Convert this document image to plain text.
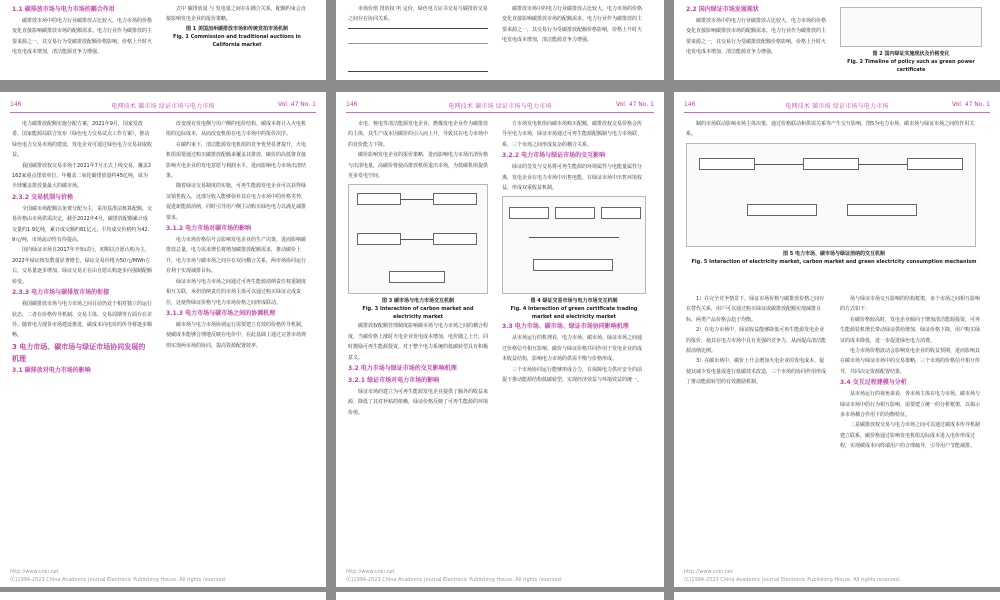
1.1 碳排放市场与电力市场的耦合作用
碳排放市场中的电力行业碳排放占比较大，电力市场的价格变化直接影响碳排放市场的配额需求。电力行业作为碳排放的主要来源之一，其交易行为受碳排放配额价格影响，价格上升时火电发电成本增加，清洁能源竞争力增强。
式中 碳排放量 与 发电量之间存在耦合关系，配额约束会直接影响发电企业的报价策略。
图 1 美国加州碳排放市场和传统竞拍市场机制
Fig. 1 Commission and traditional auctions in California market
市场价值 排放权 所 定价，绿色电力证书交易与碳排放交易之间存在协同关系。
碳排放市场中的电力行业碳排放占比较大，电力市场的价格变化直接影响碳排放市场的配额需求。电力行业作为碳排放的主要来源之一，其交易行为受碳排放配额价格影响，价格上升时火电发电成本增加，清洁能源竞争力增强。
2.2 国内绿证市场发展现状
碳排放市场中的电力行业碳排放占比较大，电力市场的价格变化直接影响碳排放市场的配额需求。电力行业作为碳排放的主要来源之一，其交易行为受碳排放配额价格影响，价格上升时火电发电成本增加，清洁能源竞争力增强。	图 2 国内绿证实施现状及价格变化
Fig. 2 Timeline of policy such as green power certificate
146	电网技术 碳市场 绿证市场与电力市场	Vol. 47 No. 1
电力碳排放配额实施分配方案，2021年9月，国家发改委、国家能源局联合发布《绿色电力交易试点工作方案》，推动绿色电力交易市场的建设，发电企业可通过绿色电力交易获取收益。
我国碳排放权交易市场于2021年7月正式上线交易，覆盖2162家重点排放单位，年覆盖二氧化碳排放量约45亿吨，成为全球覆盖排放量最大的碳市场。
2.3.2 交易机制与价格
全国碳市场配额以免费分配为主，采用基准法核算配额，交易价格由市场供需决定，截至2022年4月，碳排放配额累计成交量约1.9亿吨，累计成交额约81亿元，平均成交价格约为42.9元/吨，市场流动性有待提高。
国内绿证市场自2017年开始试行，初期以自愿认购为主，2022年绿证核发数量显著增长，绿证交易价格为50元/MWh左右，交易量逐步增加，绿证交易正在由自愿认购逐步向强制配额转变。
2.3.3 电力市场与碳排放市场的衔接
我国碳排放市场与电力市场之间目前仍处于相对独立的运行状态，二者在价格传导机制、交易主体、交易周期等方面存在差异。随着电力现货市场建设推进，碳成本向电价的传导将逐步顺畅。
3 电力市场、碳市场与绿证市场协同发展的机理
3.1 碳排放对电力市场的影响
改变现有发电侧与用户侧的电价结构，碳成本将计入火电机组的边际成本，从而改变机组在电力市场中的报价次序。
在碳约束下，清洁能源发电机组的竞争优势显著提升，火电机组需要通过购买碳排放配额来覆盖其排放，碳价的高低将直接影响火电企业的发电意愿与利润水平，进而影响电力市场出清结果。
随着绿证交易制度的实施，可再生能源发电企业可以获得绿证销售收入，这部分收入能够弥补其在电力市场中的价格劣势，促进新能源消纳，同时引导用户侧主动购买绿色电力以满足减排要求。
3.1.2 电力市场对碳市场的影响
电力市场价格信号会影响发电企业的生产决策，进而影响碳排放总量，电力需求增长将增加碳排放配额需求，推动碳价上升，电力市场与碳市场之间存在双向耦合关系，两市场协同运行有利于实现减排目标。
绿证市场与电力市场之间通过可再生能源消纳责任权重制度相互关联，承担消纳责任的市场主体可以通过购买绿证完成责任，这使得绿证价格与电力市场价格之间形成联动。
3.1.3 电力市场与碳市场之间的协调机理
碳市场与电力市场协调运行需要建立有效的价格传导机制，使碳成本能够合理地反映在电价中，在此基础上通过完善市场规则实现两市场的协同，提高资源配置效率。
http://www.cnki.net
(C)1994-2023 China Academic Journal Electronic Publishing House. All rights reserved.
146	电网技术 碳市场 绿证市场与电力市场	Vol. 47 No. 1
水电、核电等清洁能源发电企业，燃煤发电企业作为碳排放的主体，其生产成本因碳价的引入而上升，导致其在电力市场中的竞价能力下降。
碳价影响发电企业的报价策略，进而影响电力市场出清价格与出清电量，高碳价将使高排放机组退出市场，为低碳机组提供更多发电空间。
图 3 碳市场与电力市场交互机制
Fig. 3 Interaction of carbon market and electricity market
碳排放权配额管理制度影响碳市场与电力市场之间的耦合程度，当碳价格上涨时火电企业发电成本增加，电价随之上升，同时激励可再生能源投资，对于整个电力系统的低碳转型具有积极意义。
3.2 电力市场与绿证市场的交互影响机理
3.2.1 绿证市场对电力市场的影响
绿证市场的建立为可再生能源发电企业提供了额外的收益来源，降低了其对补贴的依赖，绿证价格反映了可再生能源的环境价值。
方市场发电机组向碳市场购买配额，碳排放权交易价格会传导至电力市场，绿证市场通过可再生能源配额制与电力市场联系，三个市场之间形成复杂的耦合关系。
3.2.2 电力市场与绿证市场的交互影响
绿证的签发与交易将可再生能源的环境属性与电能量属性分离，发电企业在电力市场中出售电能，在绿证市场中出售环境权益，形成双重收益机制。
图 4 绿证交易市场与电力市场交互机制
Fig. 4 Interaction of green certificate trading market and electricity market
3.3 电力市场、碳市场、绿证市场协同影响机理
从市场运行的机理看，电力市场、碳市场、绿证市场之间通过价格信号相互影响，碳价与绿证价格共同作用于发电企业的成本收益结构，影响电力市场的供需平衡与价格形成。
三个市场协同运行能够形成合力，在保障电力供应安全的前提下推动能源结构低碳转型，实现经济效益与环境效益的统一。
http://www.cnki.net
(C)1994-2023 China Academic Journal Electronic Publishing House. All rights reserved.
146	电网技术 碳市场 绿证市场与电力市场	Vol. 47 No. 1
制的市场联动影响市场主体决策，通过价格联动和供需关系等产生交互影响，图5为电力市场、碳市场与绿证市场之间的作用关系。
图 5 电力市场、碳市场与绿证消纳的交互机制
Fig. 5 Interaction of electricity market, carbon market and green electricity consumption mechanism
1）在完全竞争情景下，绿证市场价格与碳排放价格之间存在替代关系，用户可以通过购买绿证或碳排放配额实现减排目标，两类产品价格会趋于均衡。
2）在电力市场中，绿证收益能够降低可再生能源发电企业的报价，使其在电力市场中具有更强的竞争力，从而提高清洁能源消纳比例。
3）在碳市场中，碳价上升会增加火电企业的发电成本，促使其减少发电量或进行低碳技术改造，三个市场的协同作用形成了推动能源转型的有效激励机制。
场与绿证市场交互影响的结构框架，多个市场之间相互影响的方式如下：
在碳价格较高时，发电企业倾向于增加清洁能源投资，可再生能源装机增长带动绿证供给增加，绿证价格下降，用户购买绿证的成本降低，进一步促进绿色电力消费。
电力市场价格波动会影响发电企业的收益预期，进而影响其在碳市场与绿证市场中的交易策略，三个市场的价格信号相互传导，共同决定资源配置结果。
3.4 交互过程建模与分析
从市场运行的视角来看，各市场主体在电力市场、碳市场与绿证市场中的行为相互影响，需要建立统一的分析框架，以揭示多市场耦合作用下的均衡特征。
二是碳排放权交易与电力市场之间可以通过碳成本传导机制建立联系，碳价格通过影响发电机组边际成本进入电价形成过程，实现碳成本向终端用户的合理疏导，引导用户节能减排。
http://www.cnki.net
(C)1994-2023 China Academic Journal Electronic Publishing House. All rights reserved.
